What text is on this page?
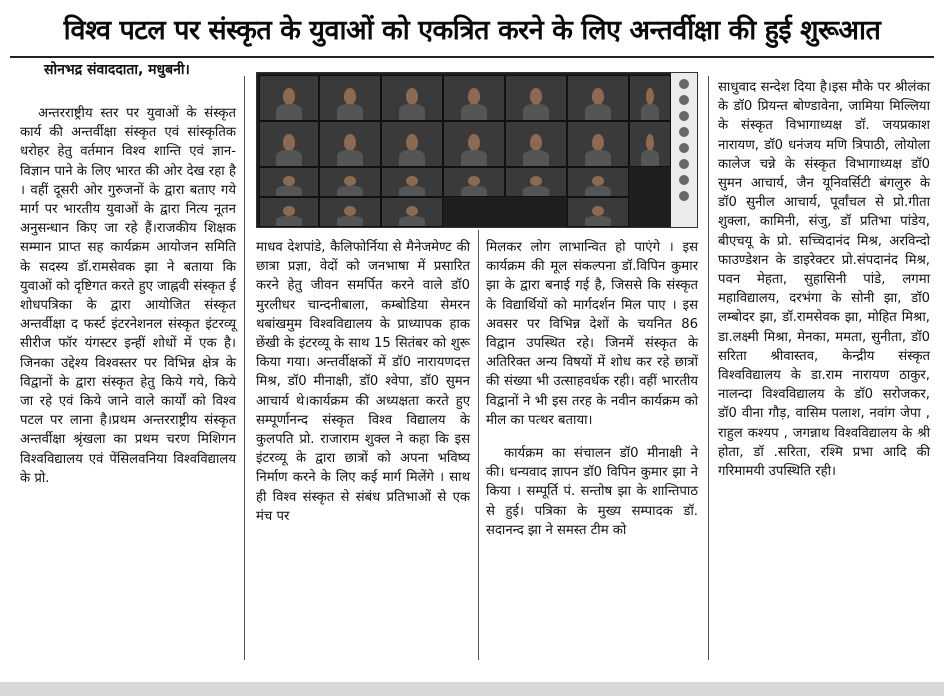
विश्व पटल पर संस्कृत के युवाओं को एकत्रित करने के लिए अन्तर्वीक्षा की हुई शुरूआत
सोनभद्र संवाददाता, मधुबनी।

अन्तरराष्ट्रीय स्तर पर युवाओं के संस्कृत कार्य की अन्तर्वीक्षा संस्कृत एवं सांस्कृतिक धरोहर हेतु वर्तमान विश्व शान्ति एवं ज्ञान-विज्ञान पाने के लिए भारत की ओर देख रहा है । वहीं दूसरी ओर गुरुजनों के द्वारा बताए गये मार्ग पर भारतीय युवाओं के द्वारा नित्य नूतन अनुसन्धान किए जा रहे हैं।राजकीय शिक्षक सम्मान प्राप्त सह कार्यक्रम आयोजन समिति के सदस्य डॉ.रामसेवक झा ने बताया कि युवाओं को दृष्टिगत करते हुए जाह्नवी संस्कृत ई शोधपत्रिका के द्वारा आयोजित संस्कृत अन्तर्वीक्षा द फर्स्ट इंटरनेशनल संस्कृत इंटरव्यू सीरीज फॉर यंगस्टर इन्हीं शोधों में एक है। जिनका उद्देश्य विश्वस्तर पर विभिन्न क्षेत्र के विद्वानों के द्वारा संस्कृत हेतु किये गये, किये जा रहे एवं किये जाने वाले कार्यों को विश्व पटल पर लाना है।प्रथम अन्तरराष्ट्रीय संस्कृत अन्तर्वीक्षा श्रृंखला का प्रथम चरण मिशिगन विश्वविद्यालय एवं पेंसिलवनिया विश्वविद्यालय के प्रो.

माधव देशपांडे, कैलिफोर्निया से मैनेजमेण्ट की छात्रा प्रज्ञा, वेदों को जनभाषा में प्रसारित करने हेतु जीवन समर्पित करने वाले डॉ0 मुरलीधर चान्दनीबाला, कम्बोडिया सेमरन थबांखमुम विश्वविद्यालय के प्राध्यापक हाक छेंखी के इंटरव्यू के साथ 15 सितंबर को शुरू किया गया। अन्तर्वीक्षकों में डॉ0 नारायणदत्त मिश्र, डॉ0 मीनाक्षी, डॉ0 श्वेपा, डॉ0 सुमन आचार्य थे।कार्यक्रम की अध्यक्षता करते हुए सम्पूर्णानन्द संस्कृत विश्व विद्यालय के कुलपति प्रो. राजाराम शुक्ल ने कहा कि इस इंटरव्यू के द्वारा छात्रों को अपना भविष्य निर्माण करने के लिए कई मार्ग मिलेंगे । साथ ही विश्व संस्कृत से संबंध प्रतिभाओं से एक मंच पर

मिलकर लोग लाभान्वित हो पाएंगे । इस कार्यक्रम की मूल संकल्पना डॉ.विपिन कुमार झा के द्वारा बनाई गई है, जिससे कि संस्कृत के विद्यार्थियों को मार्गदर्शन मिल पाए । इस अवसर पर विभिन्न देशों के चयनित 86 विद्वान उपस्थित रहे। जिनमें संस्कृत के अतिरिक्त अन्य विषयों में शोध कर रहे छात्रों की संख्या भी उत्साहवर्धक रही। वहीं भारतीय विद्वानों ने भी इस तरह के नवीन कार्यक्रम को मील का पत्थर बताया।

कार्यक्रम का संचालन डॉ0 मीनाक्षी ने की। धन्यवाद ज्ञापन डॉ0 विपिन कुमार झा ने किया । सम्पूर्ति पं. सन्तोष झा के शान्तिपाठ से हुई। पत्रिका के मुख्य सम्पादक डॉ. सदानन्द झा ने समस्त टीम को

साधुवाद सन्देश दिया है।इस मौके पर श्रीलंका के डॉ0 प्रियन्त बोण्डावेना, जामिया मिल्लिया के संस्कृत विभागाध्यक्ष डॉ. जयप्रकाश नारायण, डॉ0 धनंजय मणि त्रिपाठी, लोयोला कालेज चन्ने के संस्कृत विभागाध्यक्ष डॉ0 सुमन आचार्य, जैन यूनिवर्सिटी बंगलुरु के डॉ0 सुनील आचार्य, पूर्वांचल से प्रो.गीता शुक्ला, कामिनी, संजु, डॉ प्रतिभा पांडेय, बीएचयू के प्रो. सच्चिदानंद मिश्र, अरविन्दो फाउण्डेशन के डाइरेक्टर प्रो.संपदानंद मिश्र, पवन मेहता, सुहासिनी पांडे, लगमा महाविद्यालय, दरभंगा के सोनी झा, डॉ0 लम्बोदर झा, डॉ.रामसेवक झा, मोहित मिश्रा, डा.लक्ष्मी मिश्रा, मेनका, ममता, सुनीता, डॉ0 सरिता श्रीवास्तव, केन्द्रीय संस्कृत विश्वविद्यालय के डा.राम नारायण ठाकुर, नालन्दा विश्वविद्यालय के डॉ0 सरोजकर, डॉ0 वीना गौड़, वासिम पलाश, नवांग जेपा , राहुल कश्यप , जगन्नाथ विश्वविद्यालय के श्री होता, डॉ .सरिता, रश्मि प्रभा आदि की गरिमामयी उपस्थिति रही।
